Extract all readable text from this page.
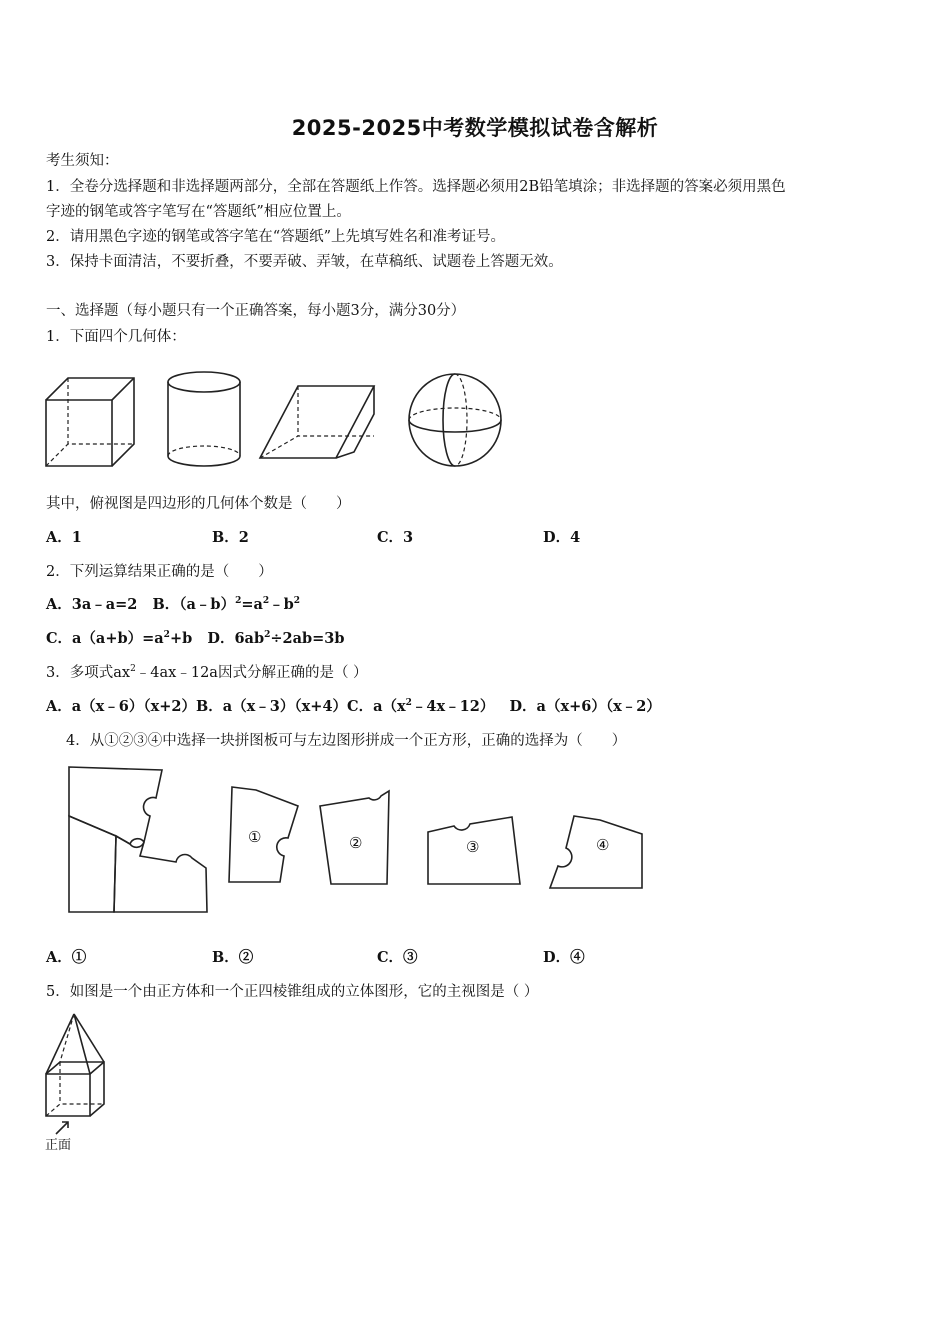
2025-2025中考数学模拟试卷含解析
考生须知：
1．全卷分选择题和非选择题两部分，全部在答题纸上作答。选择题必须用2B铅笔填涂；非选择题的答案必须用黑色
字迹的钢笔或答字笔写在“答题纸”相应位置上。
2．请用黑色字迹的钢笔或答字笔在“答题纸”上先填写姓名和准考证号。
3．保持卡面清洁，不要折叠，不要弄破、弄皱，在草稿纸、试题卷上答题无效。
一、选择题（每小题只有一个正确答案，每小题3分，满分30分）
1．下面四个几何体：
其中，俯视图是四边形的几何体个数是（　　）
A．1	B．2	C．3	D．4
2．下列运算结果正确的是（　　）
A．3a﹣a=2 B．$(a﹣b)^2=a^2﹣b^2$
C．$a(a+b)=a^2+b$ D．$6ab^2\div 2ab=3b$
3．多项式$ax^2﹣4ax﹣12a$因式分解正确的是（ ）
A．a（x﹣6）（x+2）B．a（x﹣3）（x+4）C．$a(x^2﹣4x﹣12)$ D．a（x+6）（x﹣2）
4．从①②③④中选择一块拼图板可与左边图形拼成一个正方形，正确的选择为（　　）
①	②	③	④
A．①	B．②	C．③	D．④
5．如图是一个由正方体和一个正四棱锥组成的立体图形，它的主视图是（ ）
正面
